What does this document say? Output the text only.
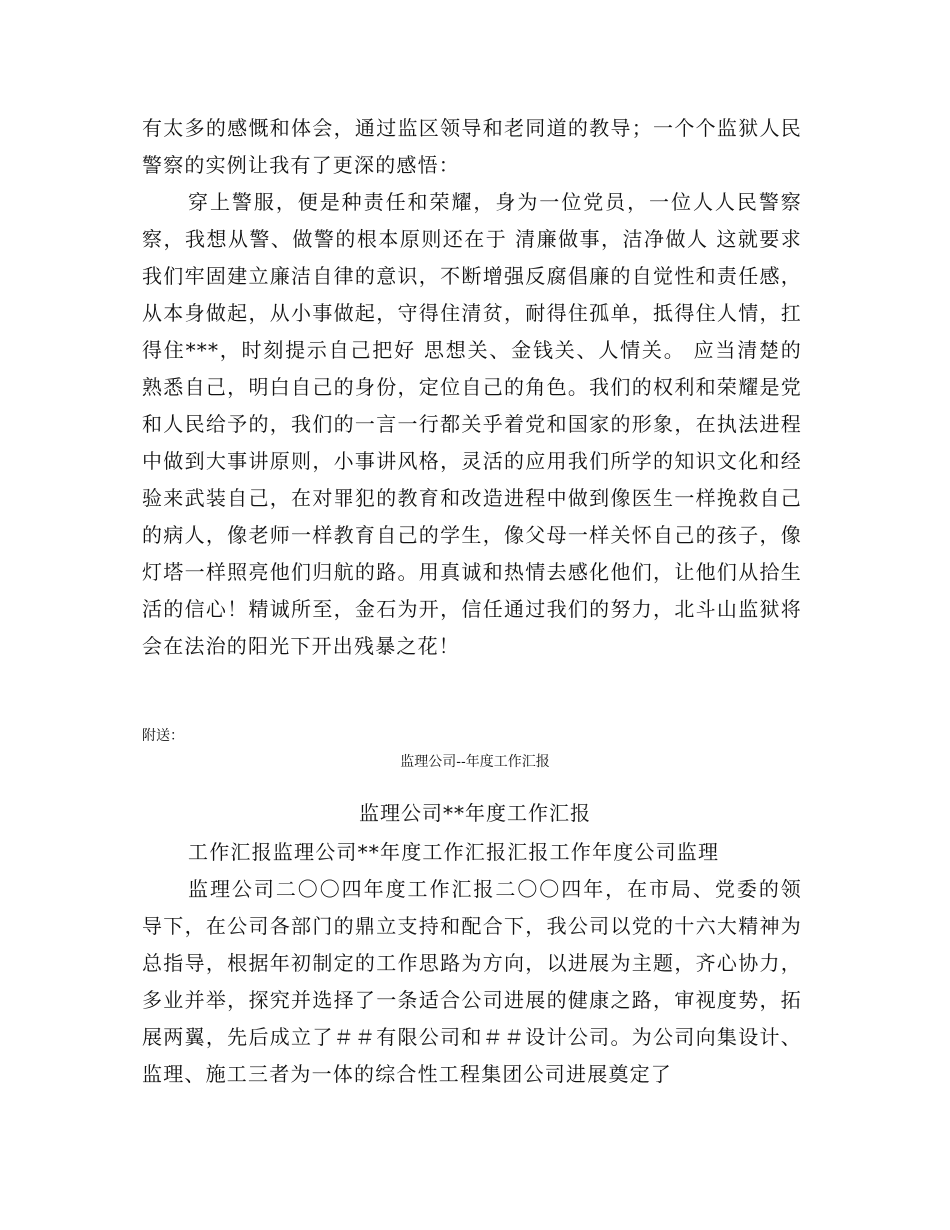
有太多的感慨和体会，通过监区领导和老同道的教导；一个个监狱人民警察的实例让我有了更深的感悟：

穿上警服，便是种责任和荣耀，身为一位党员，一位人人民警察察，我想从警、做警的根本原则还在于 清廉做事，洁净做人 这就要求我们牢固建立廉洁自律的意识，不断增强反腐倡廉的自觉性和责任感，从本身做起，从小事做起，守得住清贫，耐得住孤单，抵得住人情，扛得住***，时刻提示自己把好 思想关、金钱关、人情关。 应当清楚的熟悉自己，明白自己的身份，定位自己的角色。我们的权利和荣耀是党和人民给予的，我们的一言一行都关乎着党和国家的形象，在执法进程中做到大事讲原则，小事讲风格，灵活的应用我们所学的知识文化和经验来武装自己，在对罪犯的教育和改造进程中做到像医生一样挽救自己的病人，像老师一样教育自己的学生，像父母一样关怀自己的孩子，像灯塔一样照亮他们归航的路。用真诚和热情去感化他们，让他们从拾生活的信心！精诚所至，金石为开，信任通过我们的努力，北斗山监狱将会在法治的阳光下开出残暴之花！

附送：

监理公司--年度工作汇报

监理公司**年度工作汇报

工作汇报监理公司**年度工作汇报汇报工作年度公司监理

监理公司二〇〇四年度工作汇报二〇〇四年，在市局、党委的领导下，在公司各部门的鼎立支持和配合下，我公司以党的十六大精神为总指导，根据年初制定的工作思路为方向，以进展为主题，齐心协力，多业并举，探究并选择了一条适合公司进展的健康之路，审视度势，拓展两翼，先后成立了＃＃有限公司和＃＃设计公司。为公司向集设计、监理、施工三者为一体的综合性工程集团公司进展奠定了
